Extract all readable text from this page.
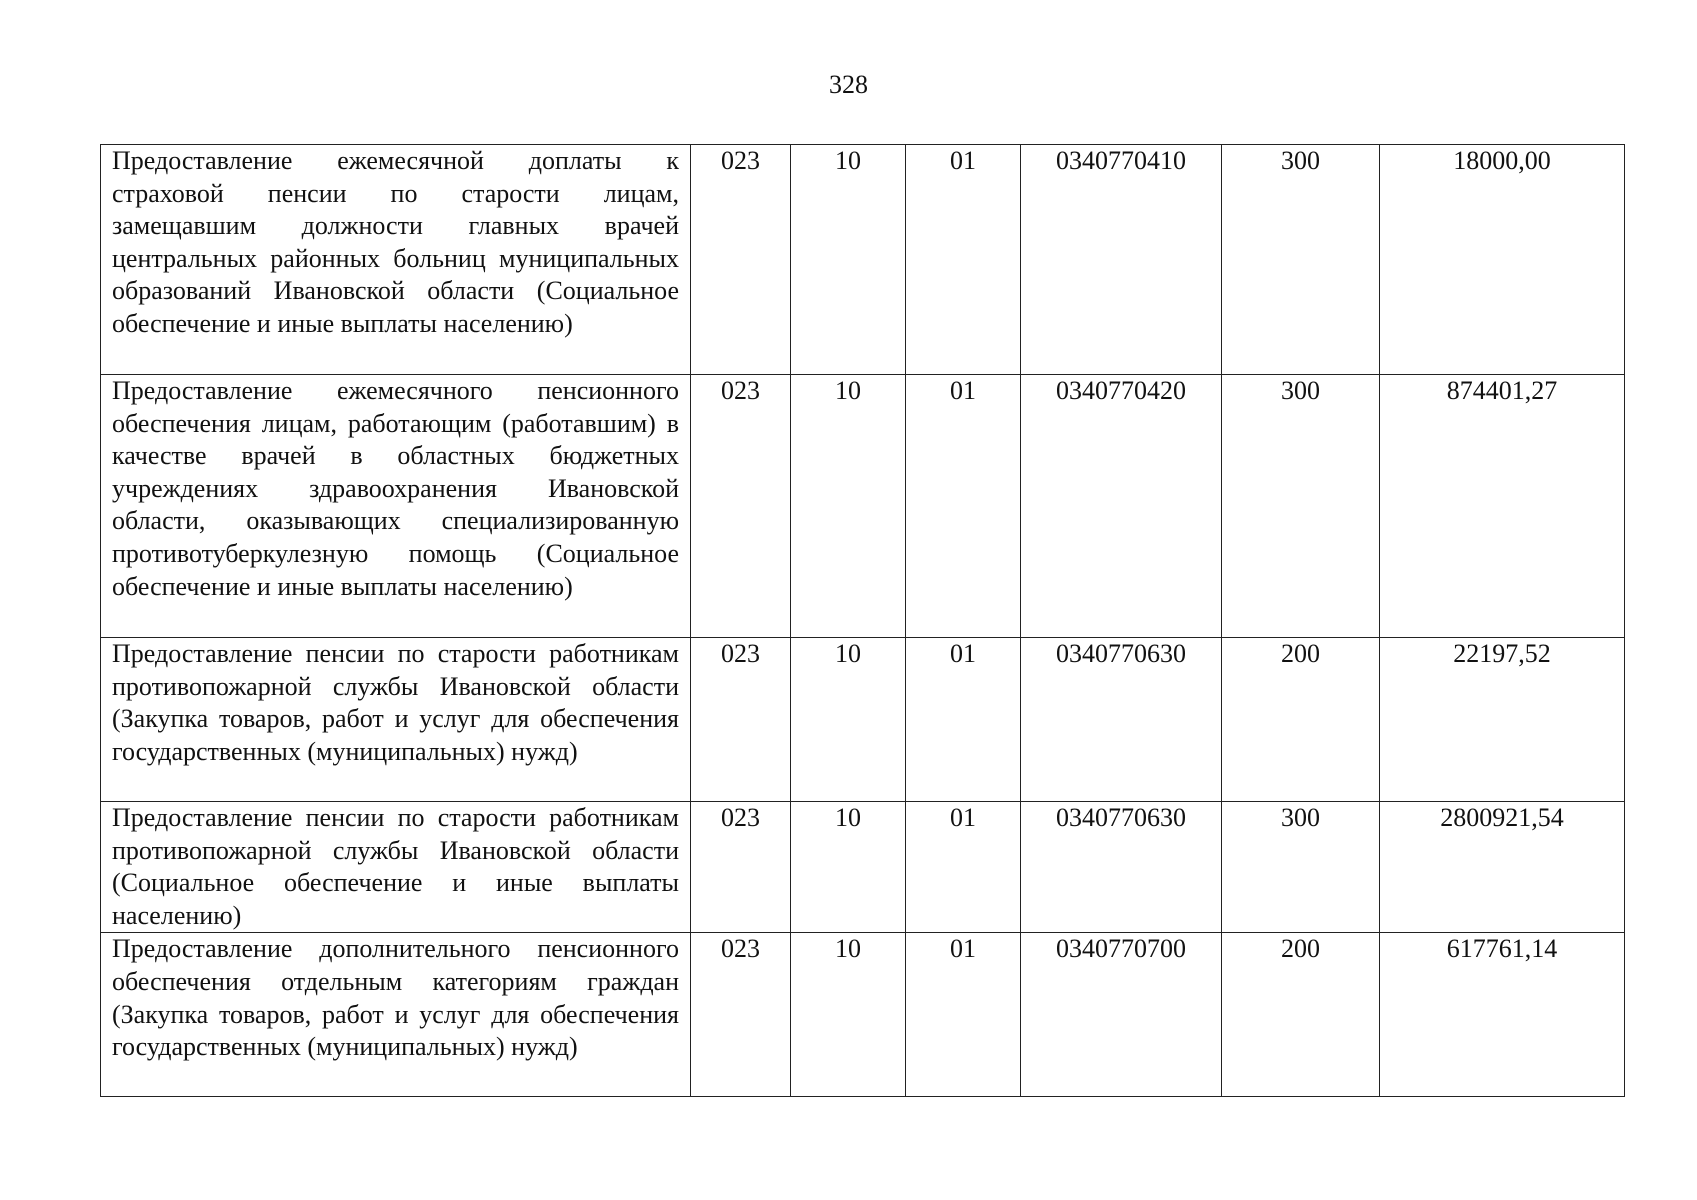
328
Предоставление ежемесячной доплаты к страховой пенсии по старости лицам, замещавшим должности главных врачей центральных районных больниц муниципальных образований Ивановской области (Социальное обеспечение и иные выплаты населению)	023	10	01	0340770410	300	18000,00
Предоставление ежемесячного пенсионного обеспечения лицам, работающим (работавшим) в качестве врачей в областных бюджетных учреждениях здравоохранения Ивановской области, оказывающих специализированную противотуберкулезную помощь (Социальное обеспечение и иные выплаты населению)	023	10	01	0340770420	300	874401,27
Предоставление пенсии по старости работникам противопожарной службы Ивановской области (Закупка товаров, работ и услуг для обеспечения государственных (муниципальных) нужд)	023	10	01	0340770630	200	22197,52
Предоставление пенсии по старости работникам противопожарной службы Ивановской области (Социальное обеспечение и иные выплаты населению)	023	10	01	0340770630	300	2800921,54
Предоставление дополнительного пенсионного обеспечения отдельным категориям граждан (Закупка товаров, работ и услуг для обеспечения государственных (муниципальных) нужд)	023	10	01	0340770700	200	617761,14
